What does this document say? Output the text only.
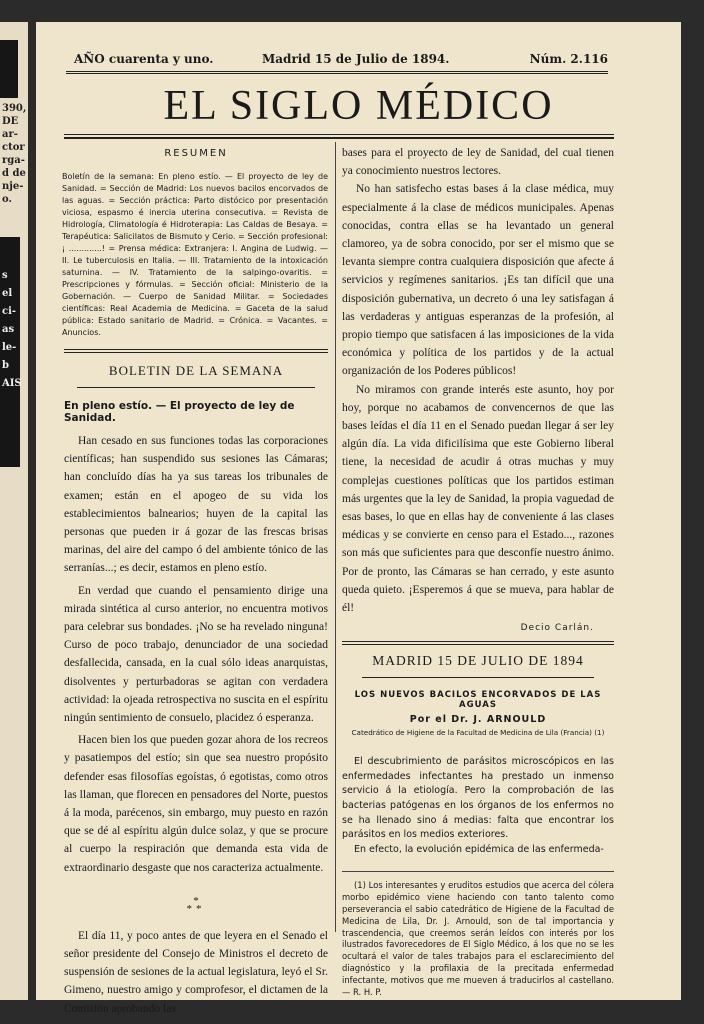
390,
DE
ar-
ctor
rga-
d de
nje-
o.
s
el
ci-
as
le-
b
AIS
AÑO cuarenta y uno.	Madrid 15 de Julio de 1894.	Núm. 2.116
EL SIGLO MÉDICO
RESUMEN
Boletín de la semana: En pleno estío. — El proyecto de ley de Sanidad. = Sección de Madrid: Los nuevos bacilos encorvados de las aguas. = Sección práctica: Parto distócico por presentación viciosa, espasmo é inercia uterina consecutiva. = Revista de Hidrología, Climatología é Hidroterapia: Las Caldas de Besaya. = Terapéutica: Salicilatos de Bismuto y Cerio. = Sección profesional: ¡ .............! = Prensa médica: Extranjera: I. Angina de Ludwig. — II. Le tuberculosis en Italia. — III. Tratamiento de la intoxicación saturnina. — IV. Tratamiento de la salpingo-ovaritis. = Prescripciones y fórmulas. = Sección oficial: Ministerio de la Gobernación. — Cuerpo de Sanidad Militar. = Sociedades científicas: Real Academia de Medicina. = Gaceta de la salud pública: Estado sanitario de Madrid. = Crónica. = Vacantes. = Anuncios.
BOLETIN DE LA SEMANA
En pleno estío. — El proyecto de ley de Sanidad.

Han cesado en sus funciones todas las corporaciones científicas; han suspendido sus sesiones las Cámaras; han concluído días ha ya sus tareas los tribunales de examen; están en el apogeo de su vida los establecimientos balnearios; huyen de la capital las personas que pueden ir á gozar de las frescas brisas marinas, del aire del campo ó del ambiente tónico de las serranías...; es decir, estamos en pleno estío.

En verdad que cuando el pensamiento dirige una mirada sintética al curso anterior, no encuentra motivos para celebrar sus bondades. ¡No se ha revelado ninguna! Curso de poco trabajo, denunciador de una sociedad desfallecida, cansada, en la cual sólo ideas anarquistas, disolventes y perturbadoras se agitan con verdadera actividad: la ojeada retrospectiva no suscita en el espíritu ningún sentimiento de consuelo, placidez ó esperanza.

Hacen bien los que pueden gozar ahora de los recreos y pasatiempos del estío; sin que sea nuestro propósito defender esas filosofías egoístas, ó egotistas, como otros las llaman, que florecen en pensadores del Norte, puestos á la moda, parécenos, sin embargo, muy puesto en razón que se dé al espíritu algún dulce solaz, y que se procure al cuerpo la respiración que demanda esta vida de extraordinario desgaste que nos caracteriza actualmente.

*
**

El día 11, y poco antes de que leyera en el Senado el señor presidente del Consejo de Ministros el decreto de suspensión de sesiones de la actual legislatura, leyó el Sr. Gimeno, nuestro amigo y comprofesor, el dictamen de la Comisión aprobando las

bases para el proyecto de ley de Sanidad, del cual tienen ya conocimiento nuestros lectores.

No han satisfecho estas bases á la clase médica, muy especialmente á la clase de médicos municipales. Apenas conocidas, contra ellas se ha levantado un general clamoreo, ya de sobra conocido, por ser el mismo que se levanta siempre contra cualquiera disposición que afecte á servicios y regímenes sanitarios. ¡Es tan difícil que una disposición gubernativa, un decreto ó una ley satisfagan á las verdaderas y antiguas esperanzas de la profesión, al propio tiempo que satisfacen á las imposiciones de la vida económica y política de los partidos y de la actual organización de los Poderes públicos!

No miramos con grande interés este asunto, hoy por hoy, porque no acabamos de convencernos de que las bases leídas el día 11 en el Senado puedan llegar á ser ley algún día. La vida dificilísima que este Gobierno liberal tiene, la necesidad de acudir á otras muchas y muy complejas cuestiones políticas que los partidos estiman más urgentes que la ley de Sanidad, la propia vaguedad de esas bases, lo que en ellas hay de conveniente á las clases médicas y se convierte en censo para el Estado..., razones son más que suficientes para que desconfíe nuestro ánimo. Por de pronto, las Cámaras se han cerrado, y este asunto queda quieto. ¡Esperemos á que se mueva, para hablar de él!

Decio Carlán.
MADRID 15 DE JULIO DE 1894
LOS NUEVOS BACILOS ENCORVADOS DE LAS AGUAS
Por el Dr. J. ARNOULD
Catedrático de Higiene de la Facultad de Medicina de Lila (Francia) (1)

El descubrimiento de parásitos microscópicos en las enfermedades infectantes ha prestado un inmenso servicio á la etiología. Pero la comprobación de las bacterias patógenas en los órganos de los enfermos no se ha llenado sino á medias: falta que encontrar los parásitos en los medios exteriores.

En efecto, la evolución epidémica de las enfermeda-

(1) Los interesantes y eruditos estudios que acerca del cólera morbo epidémico viene haciendo con tanto talento como perseverancia el sabio catedrático de Higiene de la Facultad de Medicina de Lila, Dr. J. Arnould, son de tal importancia y trascendencia, que creemos serán leídos con interés por los ilustrados favorecedores de El Siglo Médico, á los que no se les ocultará el valor de tales trabajos para el esclarecimiento del diagnóstico y la profilaxia de la precitada enfermedad infectante, motivos que me mueven á traducirlos al castellano. — R. H. P.
